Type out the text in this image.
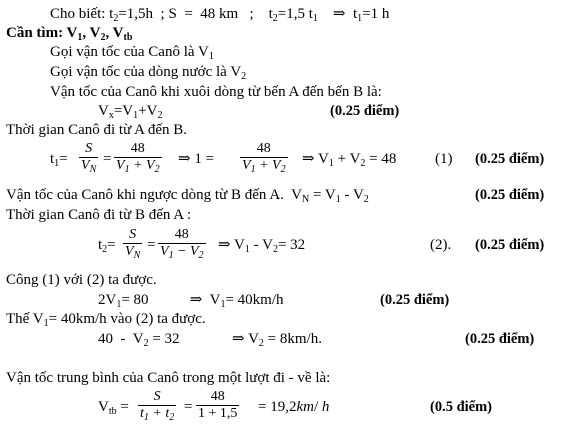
Cho biết: $t_2=1,5h$  ; S  =  48 km   ;    $t_2=1,5$ $t_1$    ⇒  $t_1=1$ h
Cần tìm: $V_1$, $V_2$, $V_{tb}$
Gọi vận tốc của Canô là $V_1$
Gọi vận tốc của dòng nước là $V_2$
Vận tốc của Canô khi xuôi dòng từ bến A đến bến B là:
$V_x=V_1+V_2$	(0.25 điểm)
Thời gian Canô đi từ A đến B.
$t_1= \frac{S}{V_N} = \frac{48}{V_1 + V_2}$ ⇒ $1 = \frac{48}{V_1 + V_2}$ ⇒ $V_1 + V_2 = 48$	(1) (0.25 điểm)
Vận tốc của Canô khi ngược dòng từ B đến A.  $V_N = V_1 - V_2$	(0.25 điểm)
Thời gian Canô đi từ B đến A :
$t_2= \frac{S}{V_N} = \frac{48}{V_1 - V_2}$ ⇒ $V_1 - V_2= 32$	(2). (0.25 điểm)
Công (1) với (2) ta được.
$2V_1= 80$           ⇒  $V_1= 40km/h$	(0.25 điểm)
Thế $V_1= 40km/h$ vào (2) ta được.
$40 - V_2 = 32$              ⇒ $V_2 = 8km/h$.	(0.25 điểm)
Vận tốc trung bình của Canô trong một lượt đi - về là:
$V_{tb} = \frac{S}{t_1 + t_2} = \frac{48}{1 + 1,5} = 19,2km/$ h	(0.5 điểm)
